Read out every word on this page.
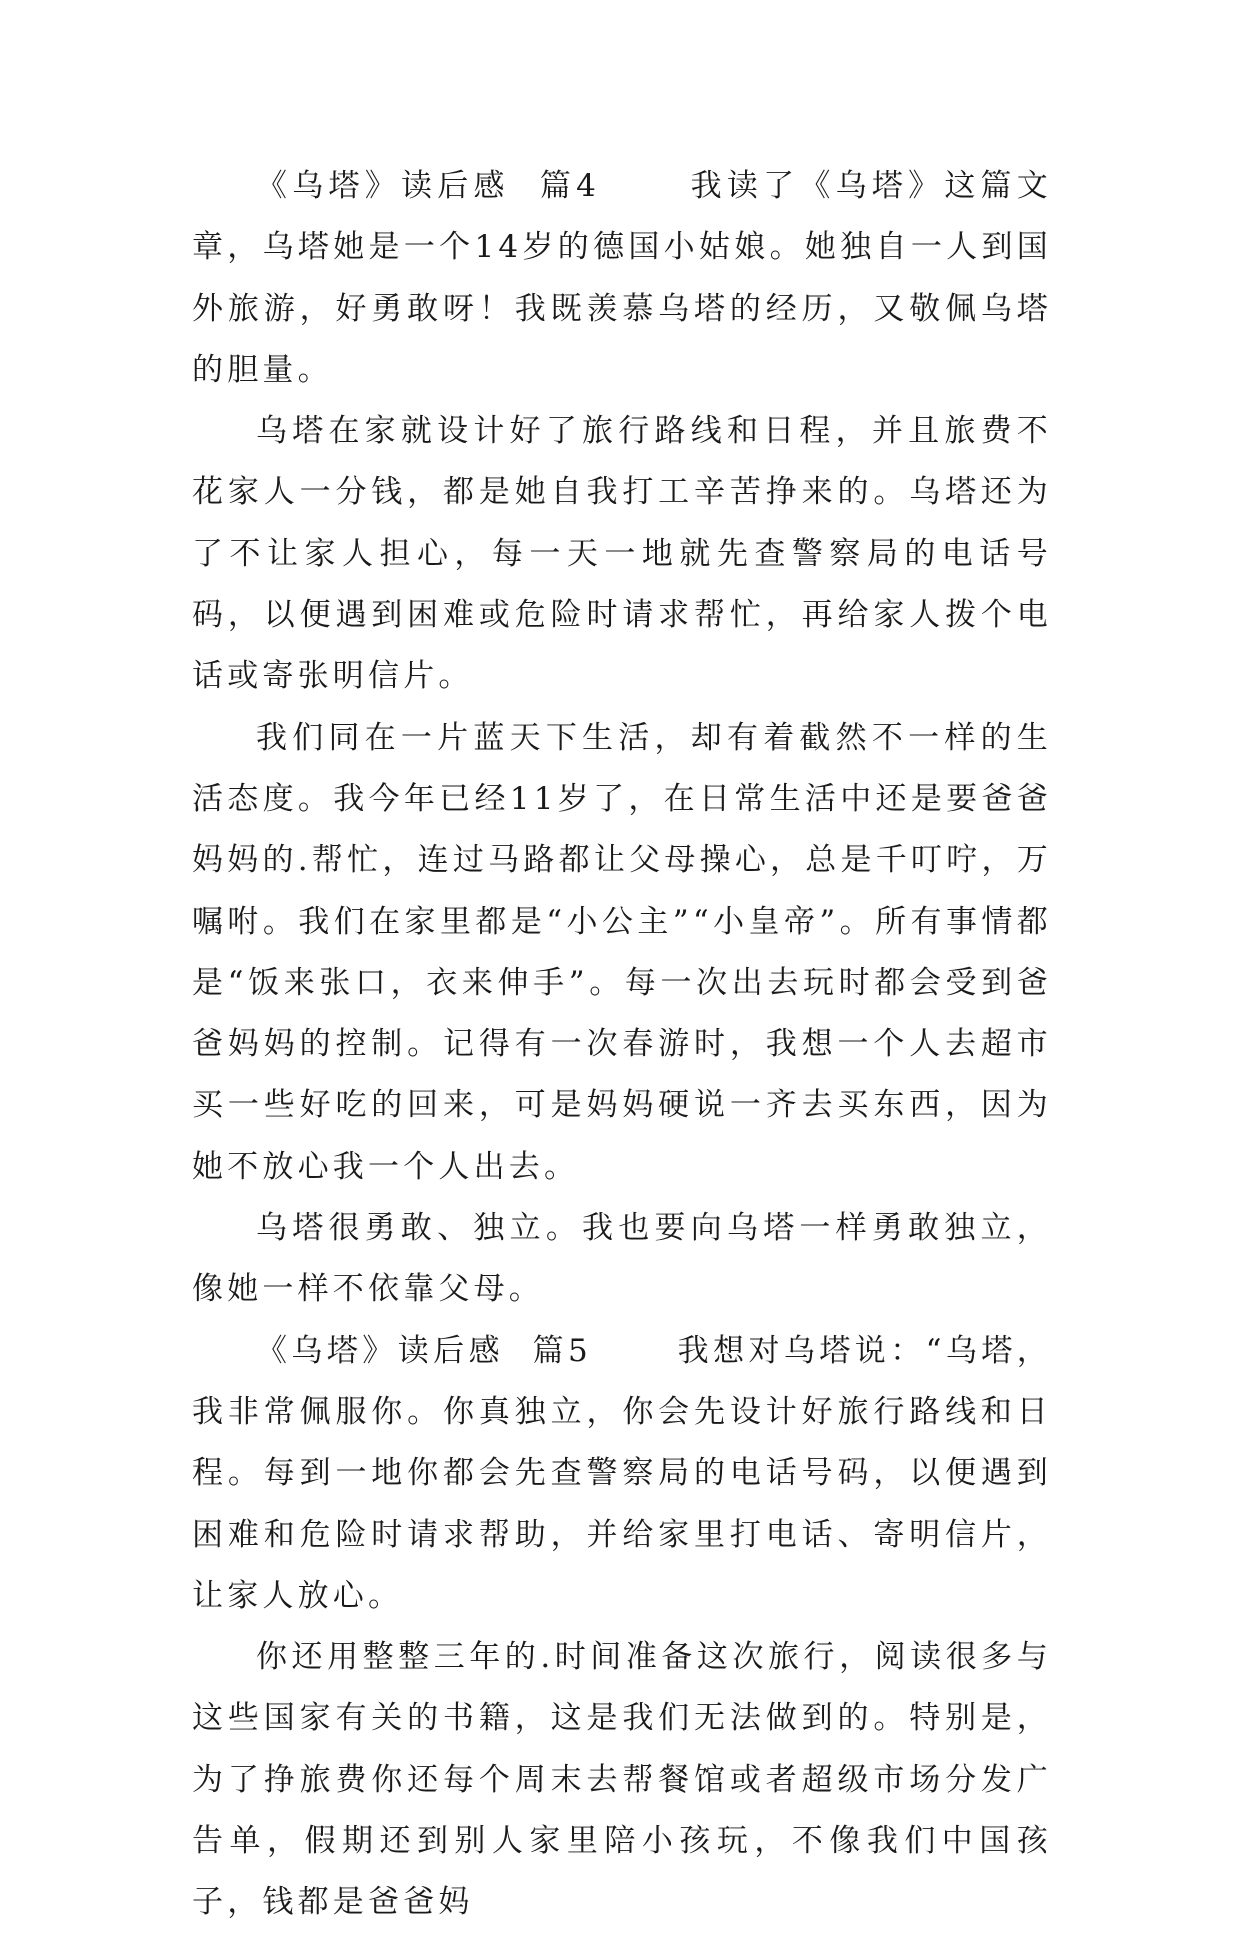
《乌塔》读后感  篇4      我读了《乌塔》这篇文章，乌塔她是一个14岁的德国小姑娘。她独自一人到国外旅游，好勇敢呀！我既羡慕乌塔的经历，又敬佩乌塔的胆量。

乌塔在家就设计好了旅行路线和日程，并且旅费不花家人一分钱，都是她自我打工辛苦挣来的。乌塔还为了不让家人担心，每一天一地就先查警察局的电话号码，以便遇到困难或危险时请求帮忙，再给家人拨个电话或寄张明信片。

我们同在一片蓝天下生活，却有着截然不一样的生活态度。我今年已经11岁了，在日常生活中还是要爸爸妈妈的.帮忙，连过马路都让父母操心，总是千叮咛，万嘱咐。我们在家里都是“小公主”“小皇帝”。所有事情都是“饭来张口，衣来伸手”。每一次出去玩时都会受到爸爸妈妈的控制。记得有一次春游时，我想一个人去超市买一些好吃的回来，可是妈妈硬说一齐去买东西，因为她不放心我一个人出去。

乌塔很勇敢、独立。我也要向乌塔一样勇敢独立，像她一样不依靠父母。

《乌塔》读后感  篇5      我想对乌塔说：“乌塔，我非常佩服你。你真独立，你会先设计好旅行路线和日程。每到一地你都会先查警察局的电话号码，以便遇到困难和危险时请求帮助，并给家里打电话、寄明信片，让家人放心。

你还用整整三年的.时间准备这次旅行，阅读很多与这些国家有关的书籍，这是我们无法做到的。特别是，为了挣旅费你还每个周末去帮餐馆或者超级市场分发广告单，假期还到别人家里陪小孩玩，不像我们中国孩子，钱都是爸爸妈
